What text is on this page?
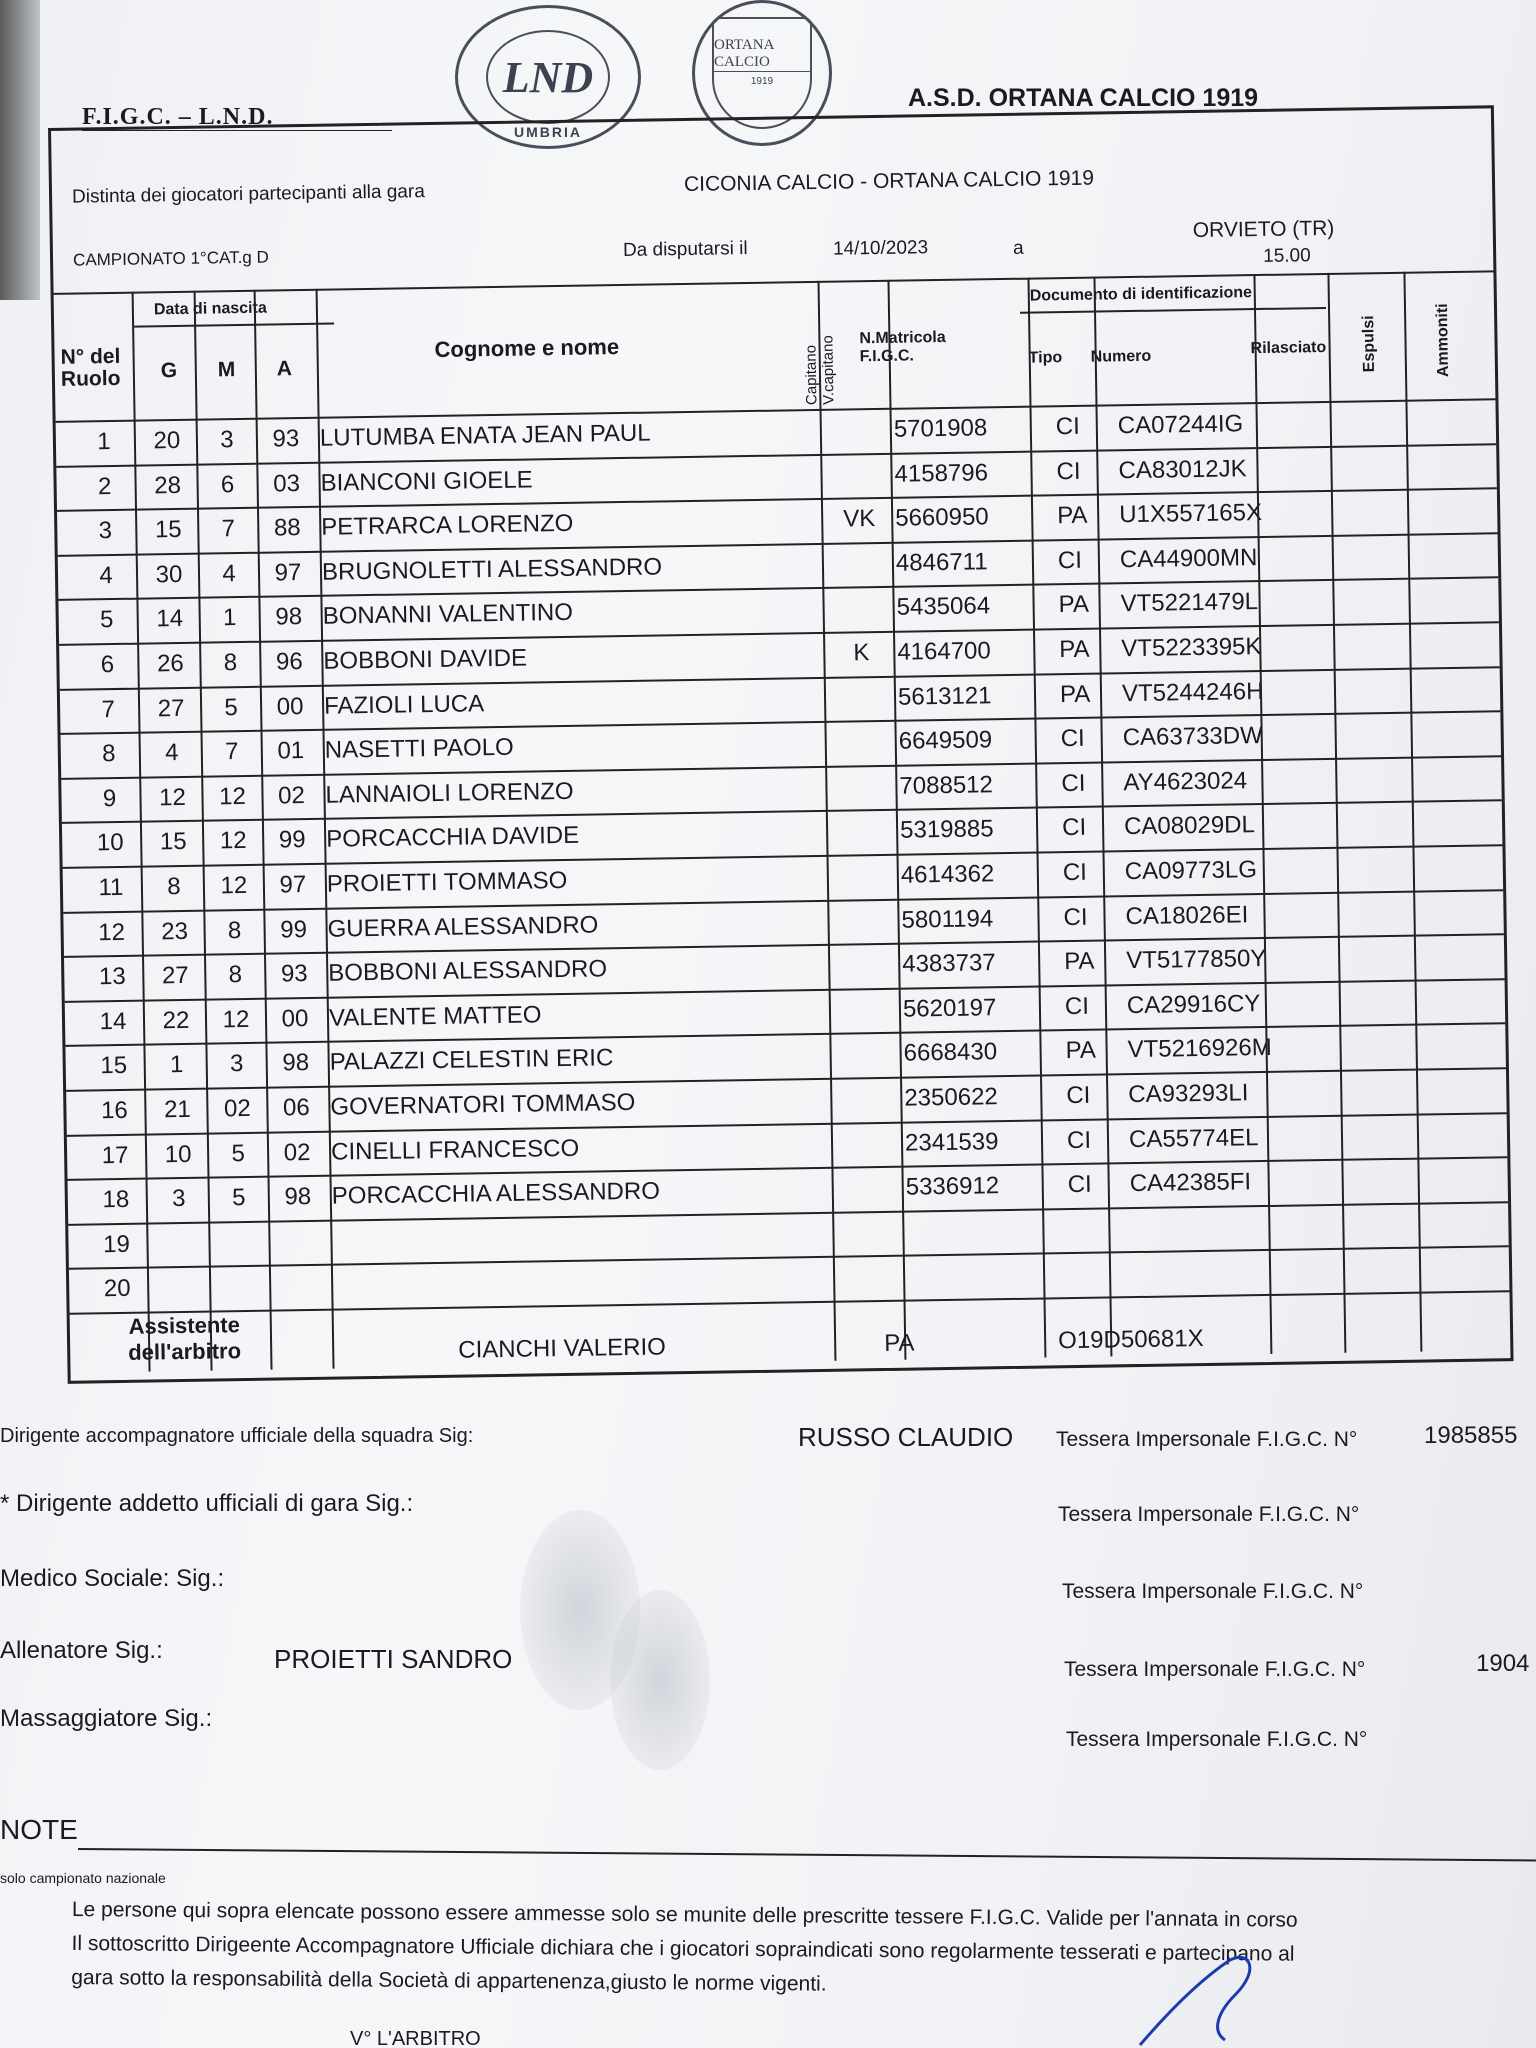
F.I.G.C. – L.N.D.
LND
UMBRIA
ORTANA CALCIO
1919
A.S.D. ORTANA CALCIO 1919
Distinta dei giocatori partecipanti alla gara	CICONIA CALCIO - ORTANA CALCIO 1919
CAMPIONATO 1°CAT.g D	Da disputarsi il	14/10/2023	a
ORVIETO (TR)
15.00
N° del Ruolo
Data di nascita
G M A
Cognome e nome	Capitano
V.capitano N.Matricola
F.I.G.C.
Documento di identificazione
Tipo Numero	Rilasciato Espulsi	Ammoniti
1	20	3	93 LUTUMBA ENATA JEAN PAUL	5701908	CI CA07244IG
2	28	6	03 BIANCONI GIOELE	4158796	CI CA83012JK
3	15	7	88 PETRARCA LORENZO	VK 5660950	PA U1X557165X
4	30	4	97 BRUGNOLETTI ALESSANDRO	4846711	CI CA44900MN
5	14	1	98 BONANNI VALENTINO	5435064	PA VT5221479L
6	26	8	96 BOBBONI DAVIDE	K	4164700	PA VT5223395K
7	27	5	00 FAZIOLI LUCA	5613121	PA VT5244246H
8	4	7	01 NASETTI PAOLO	6649509	CI CA63733DW
9	12	12	02 LANNAIOLI LORENZO	7088512	CI AY4623024
10	15	12	99 PORCACCHIA DAVIDE	5319885	CI CA08029DL
11	8	12	97 PROIETTI TOMMASO	4614362	CI CA09773LG
12	23	8	99 GUERRA ALESSANDRO	5801194	CI CA18026EI
13	27	8	93 BOBBONI ALESSANDRO	4383737	PA VT5177850Y
14	22	12	00 VALENTE MATTEO	5620197	CI CA29916CY
15	1	3	98 PALAZZI CELESTIN ERIC	6668430	PA VT5216926M
16	21	02	06 GOVERNATORI TOMMASO	2350622	CI CA93293LI
17	10	5	02 CINELLI FRANCESCO	2341539	CI CA55774EL
18	3	5	98 PORCACCHIA ALESSANDRO	5336912	CI CA42385FI
19
20
Assistente
dell'arbitro	CIANCHI VALERIO	PA	O19D50681X
Dirigente accompagnatore ufficiale della squadra Sig:	RUSSO CLAUDIO Tessera Impersonale F.I.G.C. N°	1985855
* Dirigente addetto ufficiali di gara Sig.:	Tessera Impersonale F.I.G.C. N°
Medico Sociale: Sig.:	Tessera Impersonale F.I.G.C. N°
Allenatore Sig.:	PROIETTI SANDRO	Tessera Impersonale F.I.G.C. N°	1904
Massaggiatore Sig.:
Tessera Impersonale F.I.G.C. N°
NOTE
solo campionato nazionale
Le persone qui sopra elencate possono essere ammesse solo se munite delle prescritte tessere F.I.G.C. Valide per l'annata in corso
Il sottoscritto Dirigeente Accompagnatore Ufficiale dichiara che i giocatori sopraindicati sono regolarmente tesserati e partecipano al
gara sotto la responsabilità della Società di appartenenza,giusto le norme vigenti.
V° L'ARBITRO
